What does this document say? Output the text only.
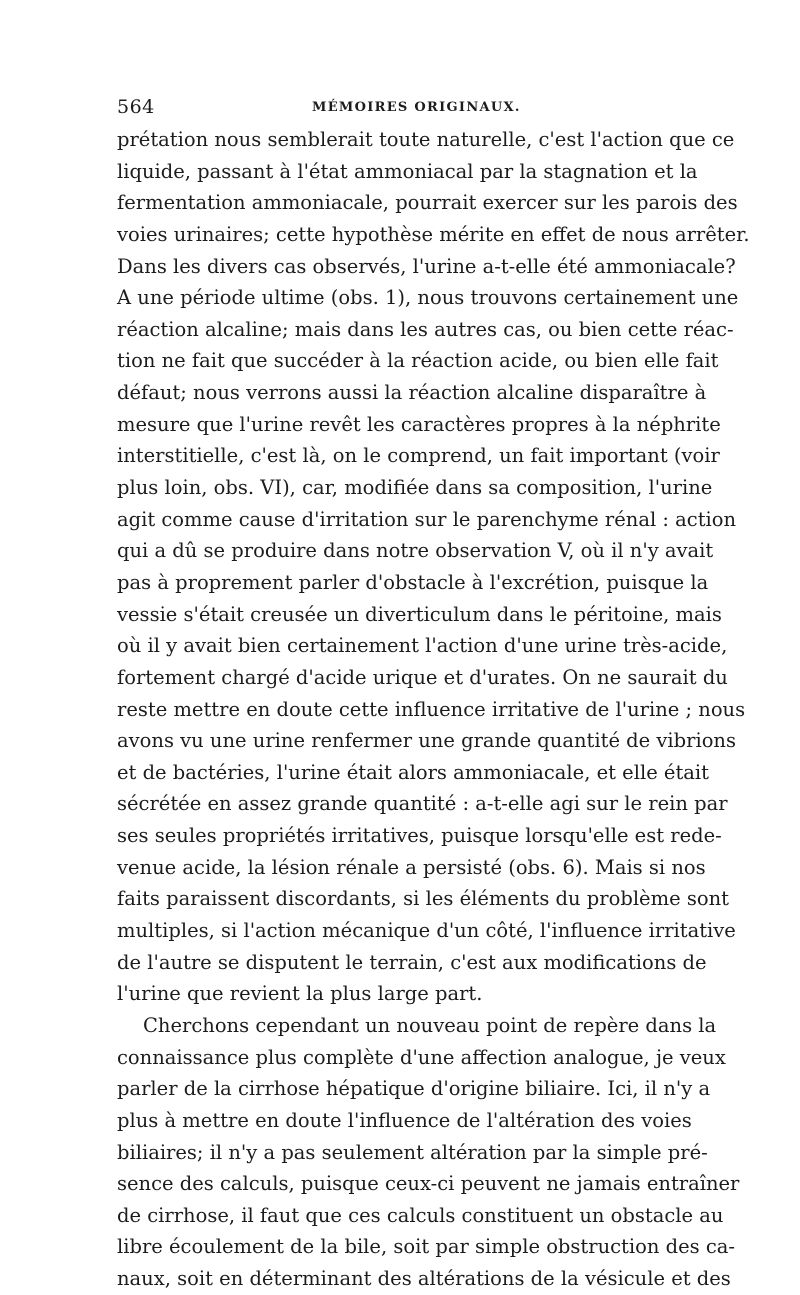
564	MÉMOIRES ORIGINAUX.
prétation nous semblerait toute naturelle, c'est l'action que ce
liquide, passant à l'état ammoniacal par la stagnation et la
fermentation ammoniacale, pourrait exercer sur les parois des
voies urinaires; cette hypothèse mérite en effet de nous arrêter.
Dans les divers cas observés, l'urine a-t-elle été ammoniacale?
A une période ultime (obs. 1), nous trouvons certainement une
réaction alcaline; mais dans les autres cas, ou bien cette réac-
tion ne fait que succéder à la réaction acide, ou bien elle fait
défaut; nous verrons aussi la réaction alcaline disparaître à
mesure que l'urine revêt les caractères propres à la néphrite
interstitielle, c'est là, on le comprend, un fait important (voir
plus loin, obs. VI), car, modifiée dans sa composition, l'urine
agit comme cause d'irritation sur le parenchyme rénal : action
qui a dû se produire dans notre observation V, où il n'y avait
pas à proprement parler d'obstacle à l'excrétion, puisque la
vessie s'était creusée un diverticulum dans le péritoine, mais
où il y avait bien certainement l'action d'une urine très-acide,
fortement chargé d'acide urique et d'urates. On ne saurait du
reste mettre en doute cette influence irritative de l'urine ; nous
avons vu une urine renfermer une grande quantité de vibrions
et de bactéries, l'urine était alors ammoniacale, et elle était
sécrétée en assez grande quantité : a-t-elle agi sur le rein par
ses seules propriétés irritatives, puisque lorsqu'elle est rede-
venue acide, la lésion rénale a persisté (obs. 6). Mais si nos
faits paraissent discordants, si les éléments du problème sont
multiples, si l'action mécanique d'un côté, l'influence irritative
de l'autre se disputent le terrain, c'est aux modifications de
l'urine que revient la plus large part.
Cherchons cependant un nouveau point de repère dans la
connaissance plus complète d'une affection analogue, je veux
parler de la cirrhose hépatique d'origine biliaire. Ici, il n'y a
plus à mettre en doute l'influence de l'altération des voies
biliaires; il n'y a pas seulement altération par la simple pré-
sence des calculs, puisque ceux-ci peuvent ne jamais entraîner
de cirrhose, il faut que ces calculs constituent un obstacle au
libre écoulement de la bile, soit par simple obstruction des ca-
naux, soit en déterminant des altérations de la vésicule et des
